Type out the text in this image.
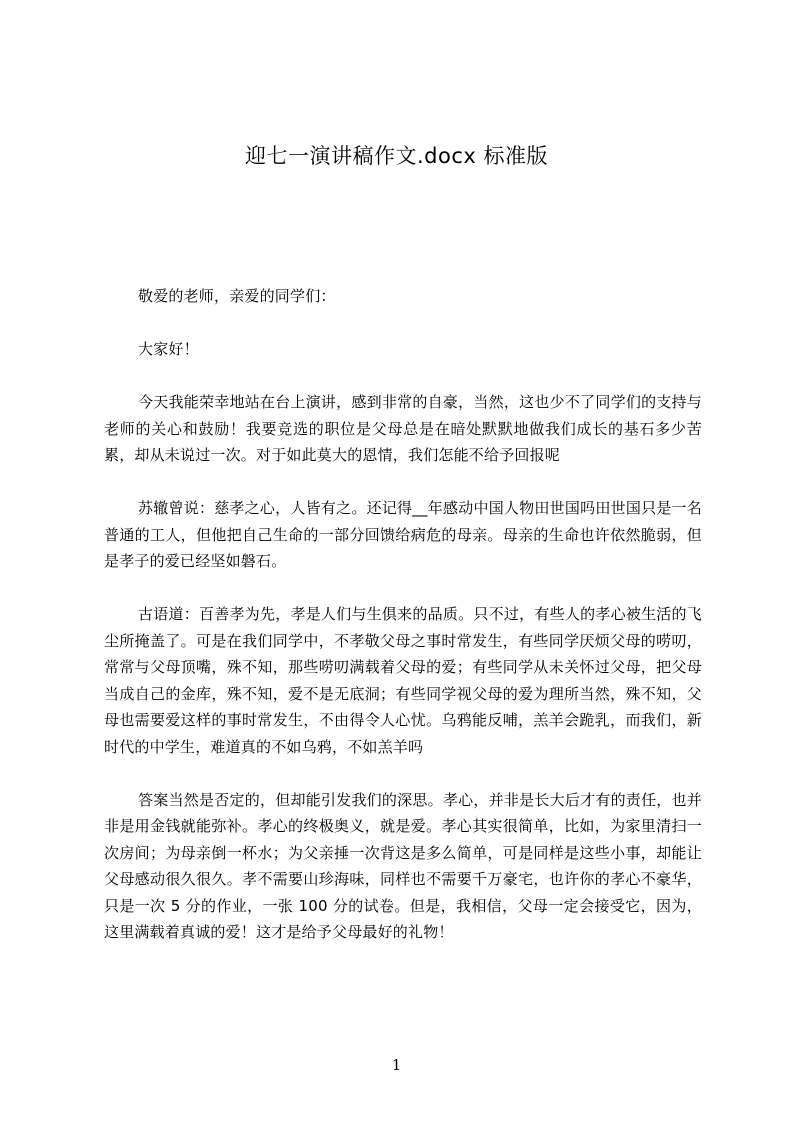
迎七一演讲稿作文.docx 标准版

敬爱的老师，亲爱的同学们：

大家好！

今天我能荣幸地站在台上演讲，感到非常的自豪，当然，这也少不了同学们的支持与老师的关心和鼓励！我要竞选的职位是父母总是在暗处默默地做我们成长的基石多少苦累，却从未说过一次。对于如此莫大的恩情，我们怎能不给予回报呢

苏辙曾说：慈孝之心，人皆有之。还记得__年感动中国人物田世国吗田世国只是一名普通的工人，但他把自己生命的一部分回馈给病危的母亲。母亲的生命也许依然脆弱，但是孝子的爱已经坚如磐石。

古语道：百善孝为先，孝是人们与生俱来的品质。只不过，有些人的孝心被生活的飞尘所掩盖了。可是在我们同学中，不孝敬父母之事时常发生，有些同学厌烦父母的唠叨，常常与父母顶嘴，殊不知，那些唠叨满载着父母的爱；有些同学从未关怀过父母，把父母当成自己的金库，殊不知，爱不是无底洞；有些同学视父母的爱为理所当然，殊不知，父母也需要爱这样的事时常发生，不由得令人心忧。乌鸦能反哺，羔羊会跪乳，而我们，新时代的中学生，难道真的不如乌鸦，不如羔羊吗

答案当然是否定的，但却能引发我们的深思。孝心，并非是长大后才有的责任，也并非是用金钱就能弥补。孝心的终极奥义，就是爱。孝心其实很简单，比如，为家里清扫一次房间；为母亲倒一杯水；为父亲捶一次背这是多么简单，可是同样是这些小事，却能让父母感动很久很久。孝不需要山珍海味，同样也不需要千万豪宅，也许你的孝心不豪华，只是一次 5 分的作业，一张 100 分的试卷。但是，我相信，父母一定会接受它，因为，这里满载着真诚的爱！这才是给予父母最好的礼物！

1
